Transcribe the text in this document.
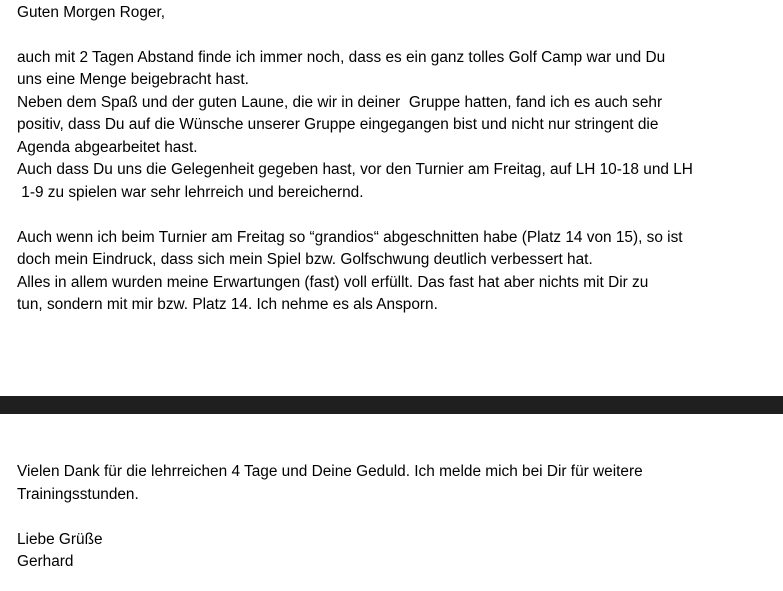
Guten Morgen Roger,
auch mit 2 Tagen Abstand finde ich immer noch, dass es ein ganz tolles Golf Camp war und Du
uns eine Menge beigebracht hast.
Neben dem Spaß und der guten Laune, die wir in deiner  Gruppe hatten, fand ich es auch sehr
positiv, dass Du auf die Wünsche unserer Gruppe eingegangen bist und nicht nur stringent die
Agenda abgearbeitet hast.
Auch dass Du uns die Gelegenheit gegeben hast, vor den Turnier am Freitag, auf LH 10-18 und LH
1-9 zu spielen war sehr lehrreich und bereichernd.
Auch wenn ich beim Turnier am Freitag so “grandios“ abgeschnitten habe (Platz 14 von 15), so ist
doch mein Eindruck, dass sich mein Spiel bzw. Golfschwung deutlich verbessert hat.
Alles in allem wurden meine Erwartungen (fast) voll erfüllt. Das fast hat aber nichts mit Dir zu
tun, sondern mit mir bzw. Platz 14. Ich nehme es als Ansporn.
Vielen Dank für die lehrreichen 4 Tage und Deine Geduld. Ich melde mich bei Dir für weitere
Trainingsstunden.
Liebe Grüße
Gerhard
